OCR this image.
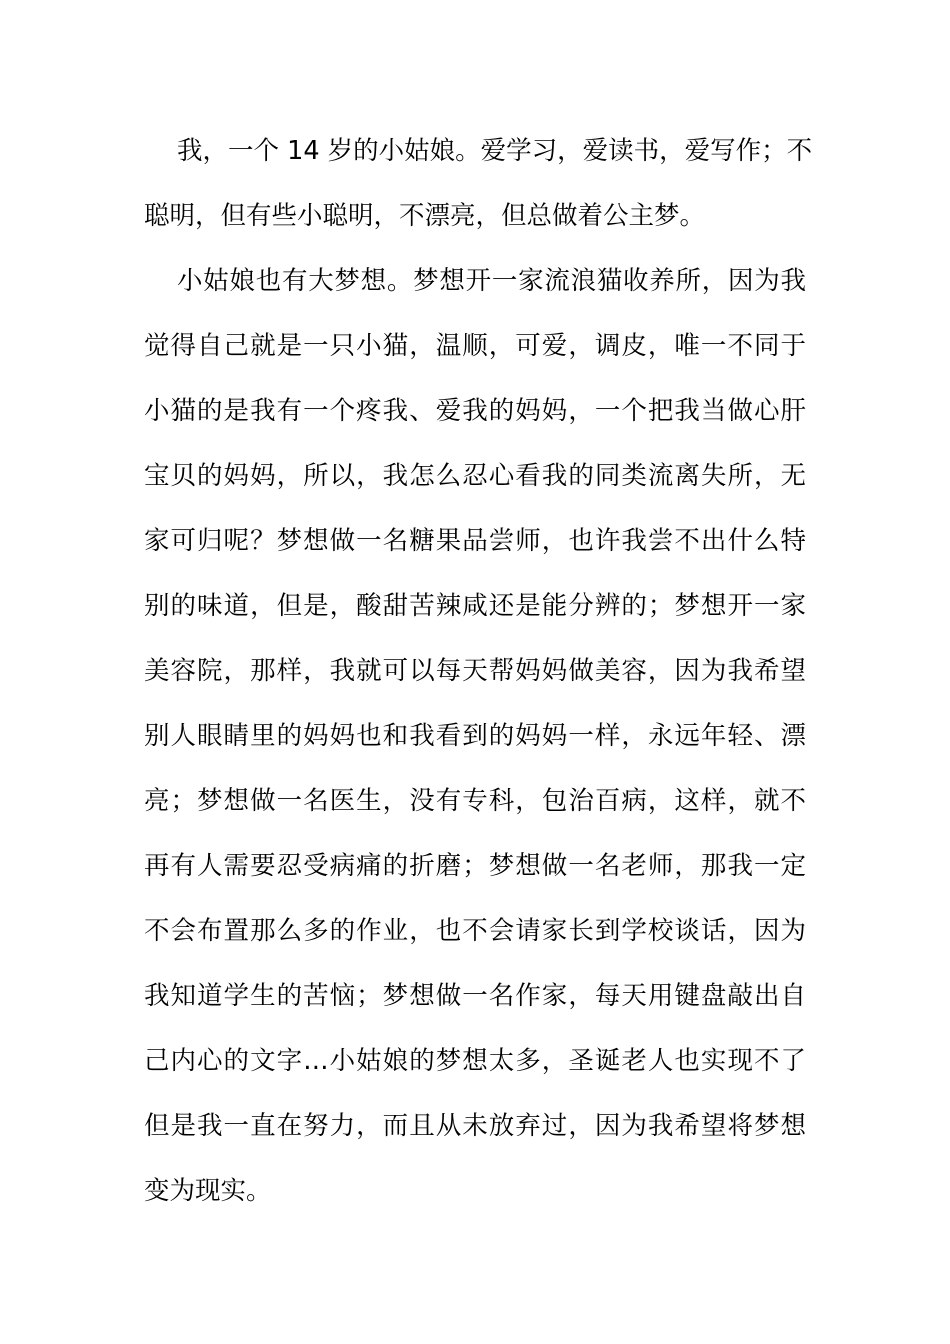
我，一个 14 岁的小姑娘。爱学习，爱读书，爱写作；不
聪明，但有些小聪明，不漂亮，但总做着公主梦。
小姑娘也有大梦想。梦想开一家流浪猫收养所，因为我
觉得自己就是一只小猫，温顺，可爱，调皮，唯一不同于
小猫的是我有一个疼我、爱我的妈妈，一个把我当做心肝
宝贝的妈妈，所以，我怎么忍心看我的同类流离失所，无
家可归呢？梦想做一名糖果品尝师，也许我尝不出什么特
别的味道，但是，酸甜苦辣咸还是能分辨的；梦想开一家
美容院，那样，我就可以每天帮妈妈做美容，因为我希望
别人眼睛里的妈妈也和我看到的妈妈一样，永远年轻、漂
亮；梦想做一名医生，没有专科，包治百病，这样，就不
再有人需要忍受病痛的折磨；梦想做一名老师，那我一定
不会布置那么多的作业，也不会请家长到学校谈话，因为
我知道学生的苦恼；梦想做一名作家，每天用键盘敲出自
己内心的文字…小姑娘的梦想太多，圣诞老人也实现不了
但是我一直在努力，而且从未放弃过，因为我希望将梦想
变为现实。
